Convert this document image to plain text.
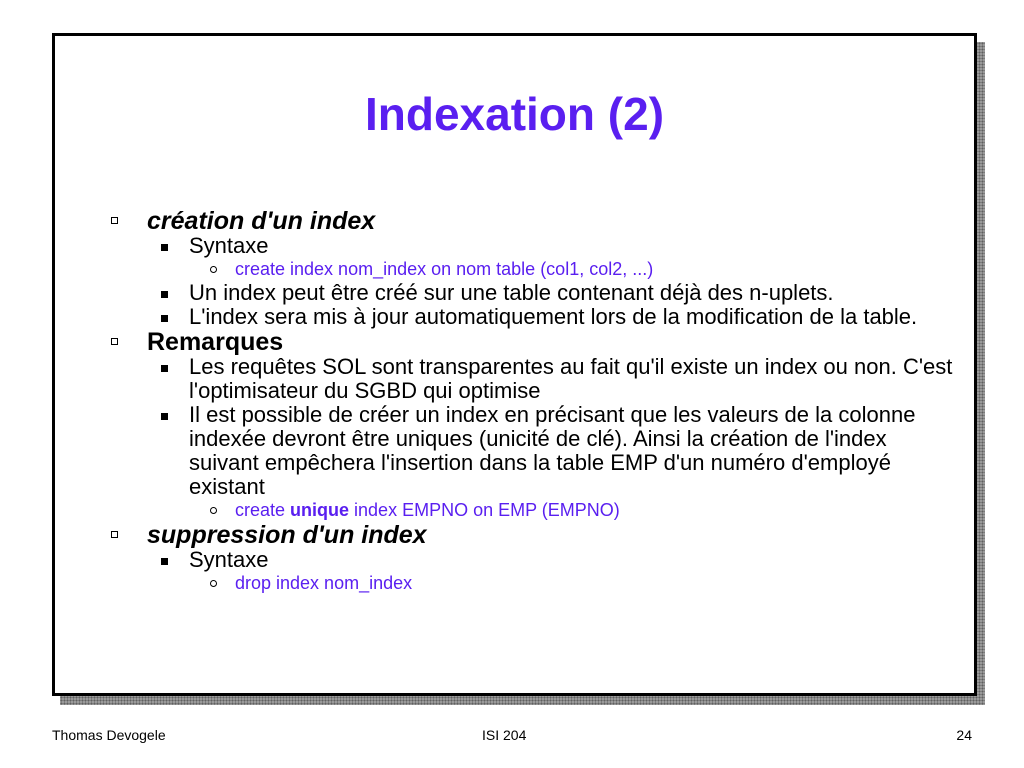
Indexation (2)
création d'un index
Syntaxe
create index nom_index on nom table (col1, col2, ...)
Un index peut être créé sur une table contenant déjà des n-uplets.
L'index sera mis à jour automatiquement lors de la modification de la table.
Remarques
Les requêtes SOL sont transparentes au fait qu'il existe un index ou non. C'est l'optimisateur du SGBD qui optimise
Il est possible de créer un index en précisant que les valeurs de la colonne indexée devront être uniques (unicité de clé). Ainsi la création de l'index suivant empêchera l'insertion dans la table EMP d'un numéro d'employé existant
create unique index EMPNO on EMP (EMPNO)
suppression d'un index
Syntaxe
drop index nom_index
Thomas Devogele	ISI 204	24
